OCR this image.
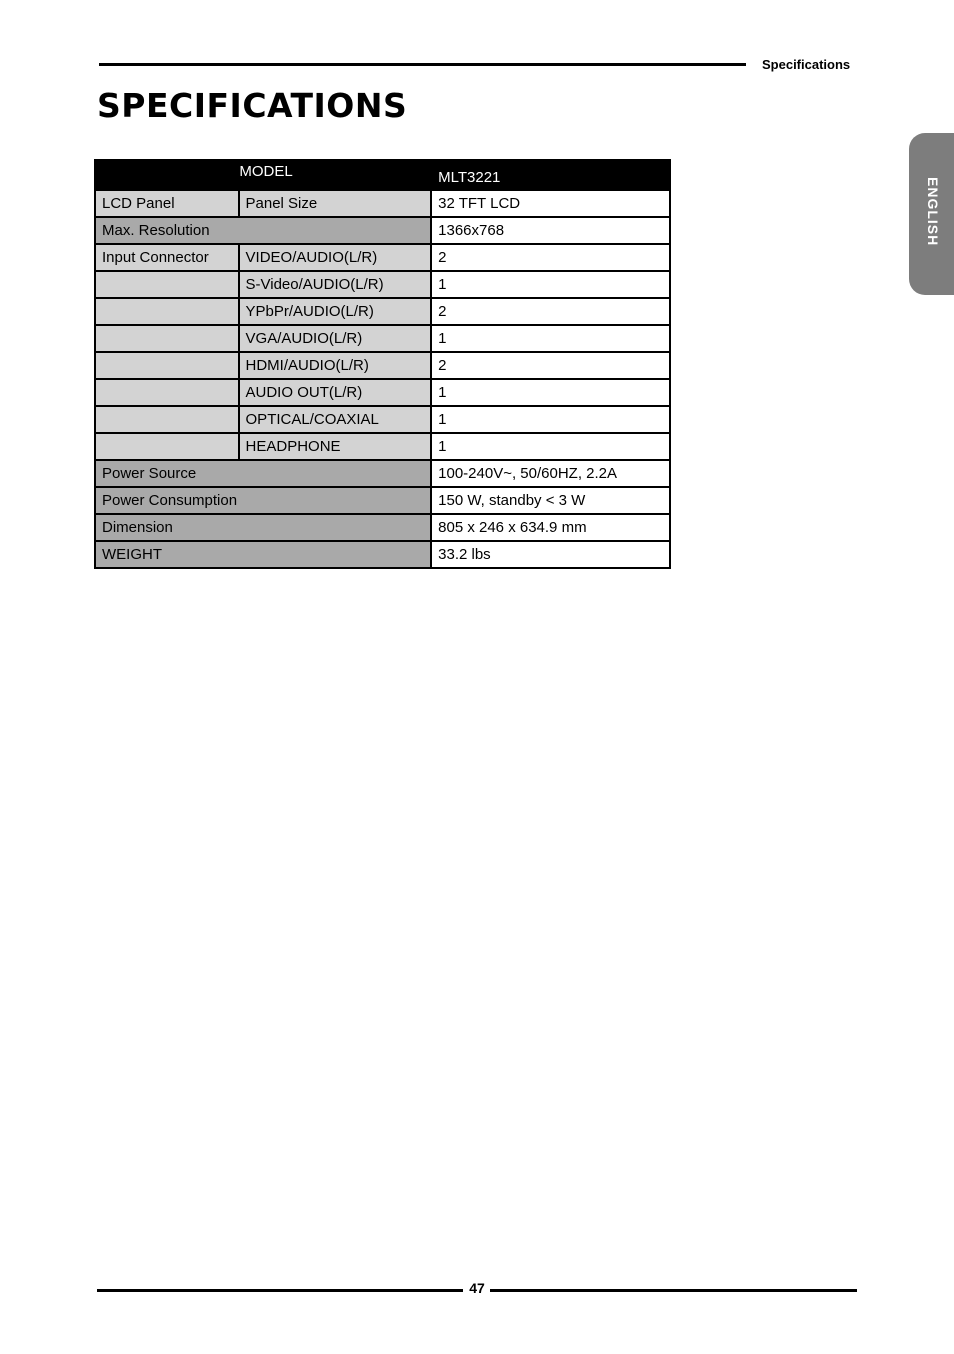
Specifications
SPECIFICATIONS
ENGLISH
MODEL		MLT3221
LCD Panel	Panel Size	32 TFT LCD
Max. Resolution		1366x768
Input Connector	VIDEO/AUDIO(L/R)	2
	S-Video/AUDIO(L/R)	1
	YPbPr/AUDIO(L/R)	2
	VGA/AUDIO(L/R)	1
	HDMI/AUDIO(L/R)	2
	AUDIO OUT(L/R)	1
	OPTICAL/COAXIAL	1
	HEADPHONE	1
Power Source		100-240V~, 50/60HZ, 2.2A
Power Consumption		150 W, standby < 3 W
Dimension		805 x 246 x 634.9 mm
WEIGHT		33.2 lbs
47
